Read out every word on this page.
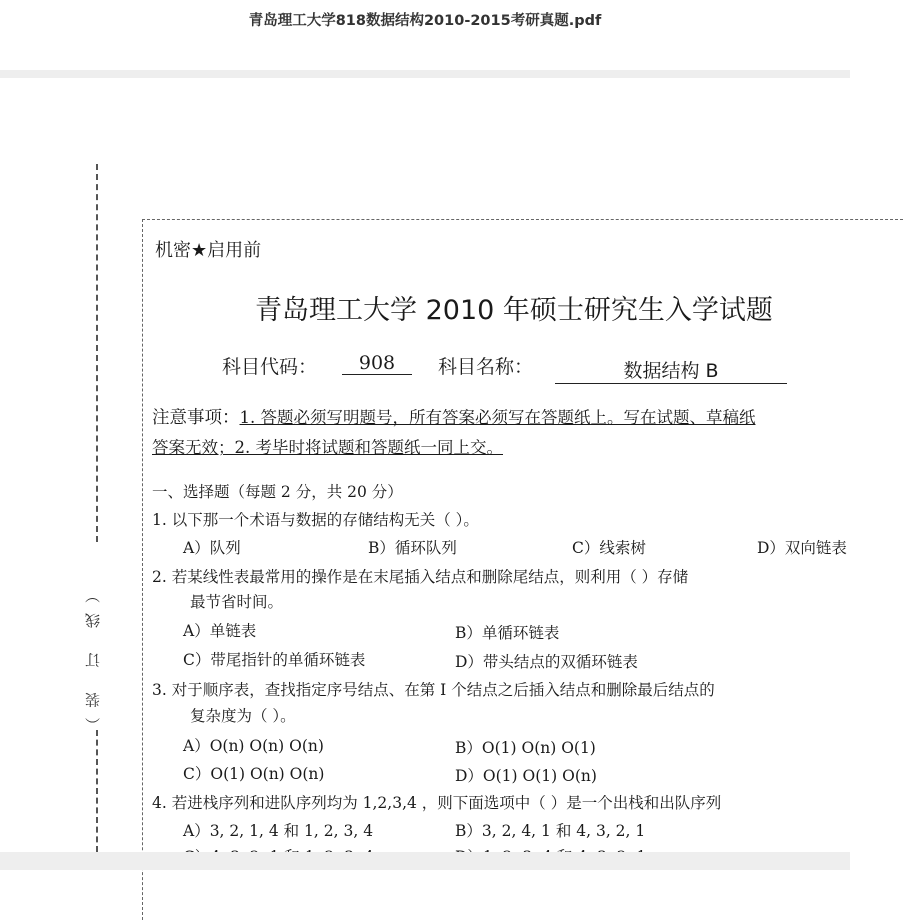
青岛理工大学818数据结构2010-2015考研真题.pdf
（装 订 线）
机密★启用前
青岛理工大学 2010 年硕士研究生入学试题
科目代码：	908	科目名称：	数据结构 B
注意事项：1. 答题必须写明题号，所有答案必须写在答题纸上。写在试题、草稿纸
答案无效；2. 考毕时将试题和答题纸一同上交。
一、选择题（每题 2 分，共 20 分）
1. 以下那一个术语与数据的存储结构无关（ ）。
A）队列	B）循环队列	C）线索树	D）双向链表
2. 若某线性表最常用的操作是在末尾插入结点和删除尾结点，则利用（ ）存储
最节省时间。
A）单链表	B）单循环链表
C）带尾指针的单循环链表	D）带头结点的双循环链表
3. 对于顺序表，查找指定序号结点、在第 I 个结点之后插入结点和删除最后结点的
复杂度为（ ）。
A）O(n) O(n) O(n)	B）O(1) O(n) O(1)
C）O(1) O(n) O(n)	D）O(1) O(1) O(n)
4. 若进栈序列和进队序列均为 1,2,3,4 ，则下面选项中（ ）是一个出栈和出队序列
A）3, 2, 1, 4 和 1, 2, 3, 4	B）3, 2, 4, 1 和 4, 3, 2, 1
